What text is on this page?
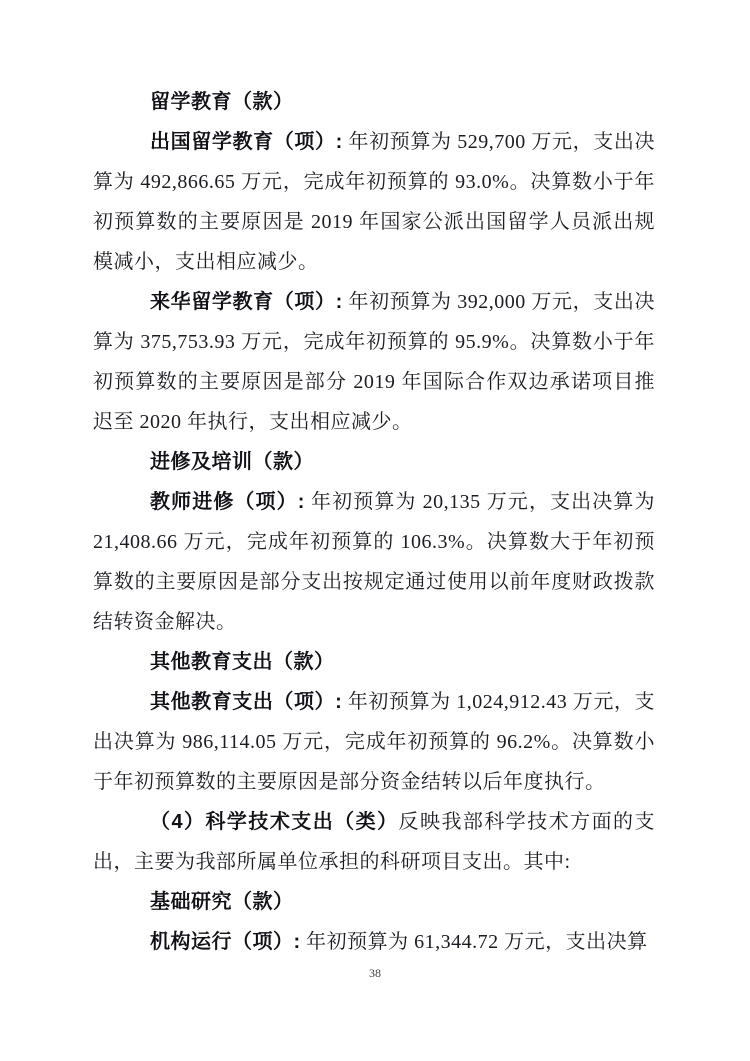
留学教育（款）

出国留学教育（项）: 年初预算为 529,700 万元，支出决算为 492,866.65 万元，完成年初预算的 93.0%。决算数小于年初预算数的主要原因是 2019 年国家公派出国留学人员派出规模减小，支出相应减少。

来华留学教育（项）: 年初预算为 392,000 万元，支出决算为 375,753.93 万元，完成年初预算的 95.9%。决算数小于年初预算数的主要原因是部分 2019 年国际合作双边承诺项目推迟至 2020 年执行，支出相应减少。

进修及培训（款）

教师进修（项）: 年初预算为 20,135 万元，支出决算为 21,408.66 万元，完成年初预算的 106.3%。决算数大于年初预算数的主要原因是部分支出按规定通过使用以前年度财政拨款结转资金解决。

其他教育支出（款）

其他教育支出（项）: 年初预算为 1,024,912.43 万元，支出决算为 986,114.05 万元，完成年初预算的 96.2%。决算数小于年初预算数的主要原因是部分资金结转以后年度执行。

（4）科学技术支出（类）反映我部科学技术方面的支出，主要为我部所属单位承担的科研项目支出。其中:

基础研究（款）

机构运行（项）: 年初预算为 61,344.72 万元，支出决算

38
